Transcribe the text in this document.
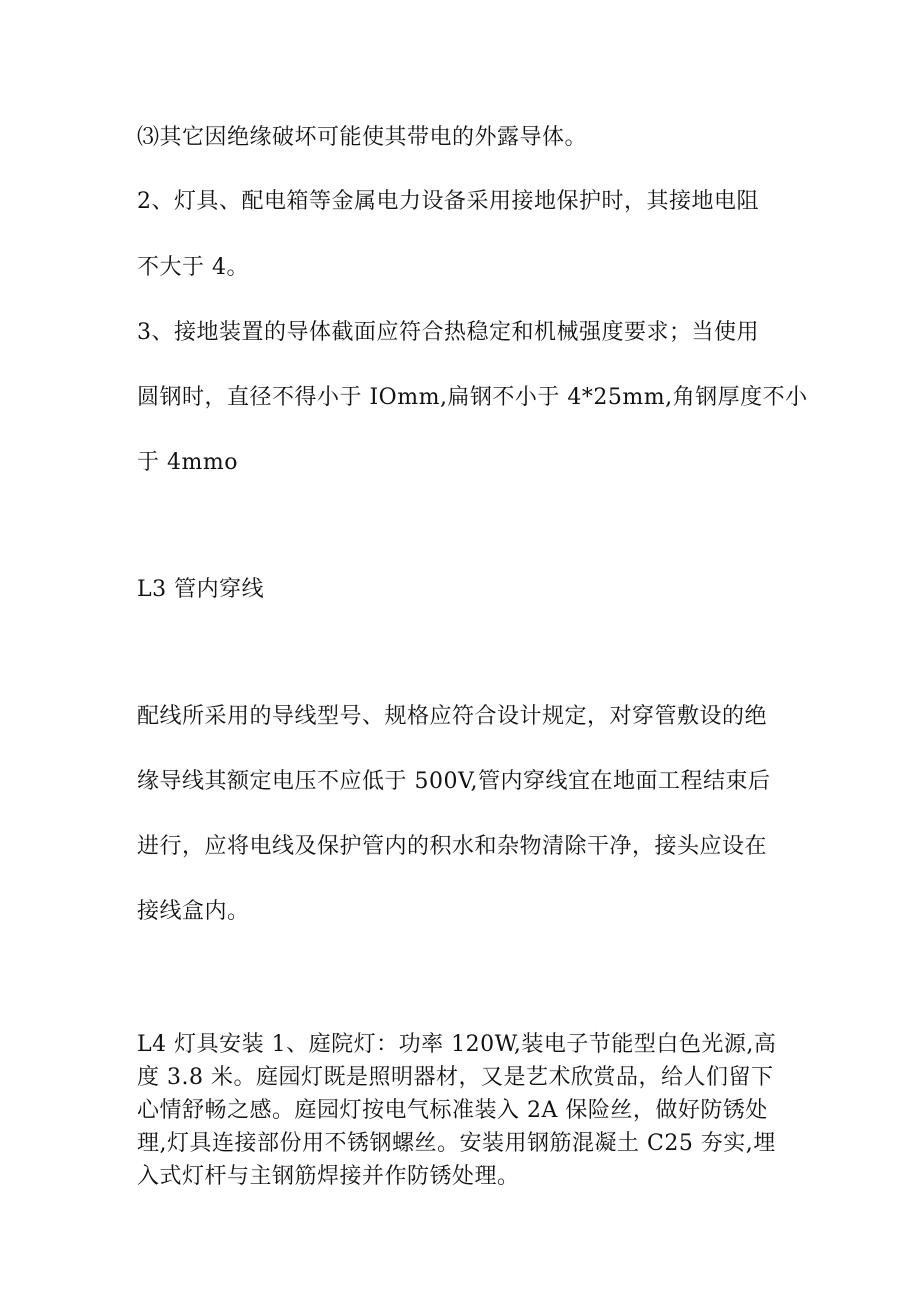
⑶其它因绝缘破坏可能使其带电的外露导体。

2、灯具、配电箱等金属电力设备采用接地保护时，其接地电阻

不大于 4。

3、接地装置的导体截面应符合热稳定和机械强度要求；当使用

圆钢时，直径不得小于 IOmm,扁钢不小于 4*25mm,角钢厚度不小

于 4mmo

L3 管内穿线

配线所采用的导线型号、规格应符合设计规定，对穿管敷设的绝

缘导线其额定电压不应低于 500V,管内穿线宜在地面工程结束后

进行，应将电线及保护管内的积水和杂物清除干净，接头应设在

接线盒内。

L4 灯具安装 1、庭院灯：功率 120W,装电子节能型白色光源,高

度 3.8 米。庭园灯既是照明器材，又是艺术欣赏品，给人们留下

心情舒畅之感。庭园灯按电气标准装入 2A 保险丝，做好防锈处

理,灯具连接部份用不锈钢螺丝。安装用钢筋混凝土 C25 夯实,埋

入式灯杆与主钢筋焊接并作防锈处理。
